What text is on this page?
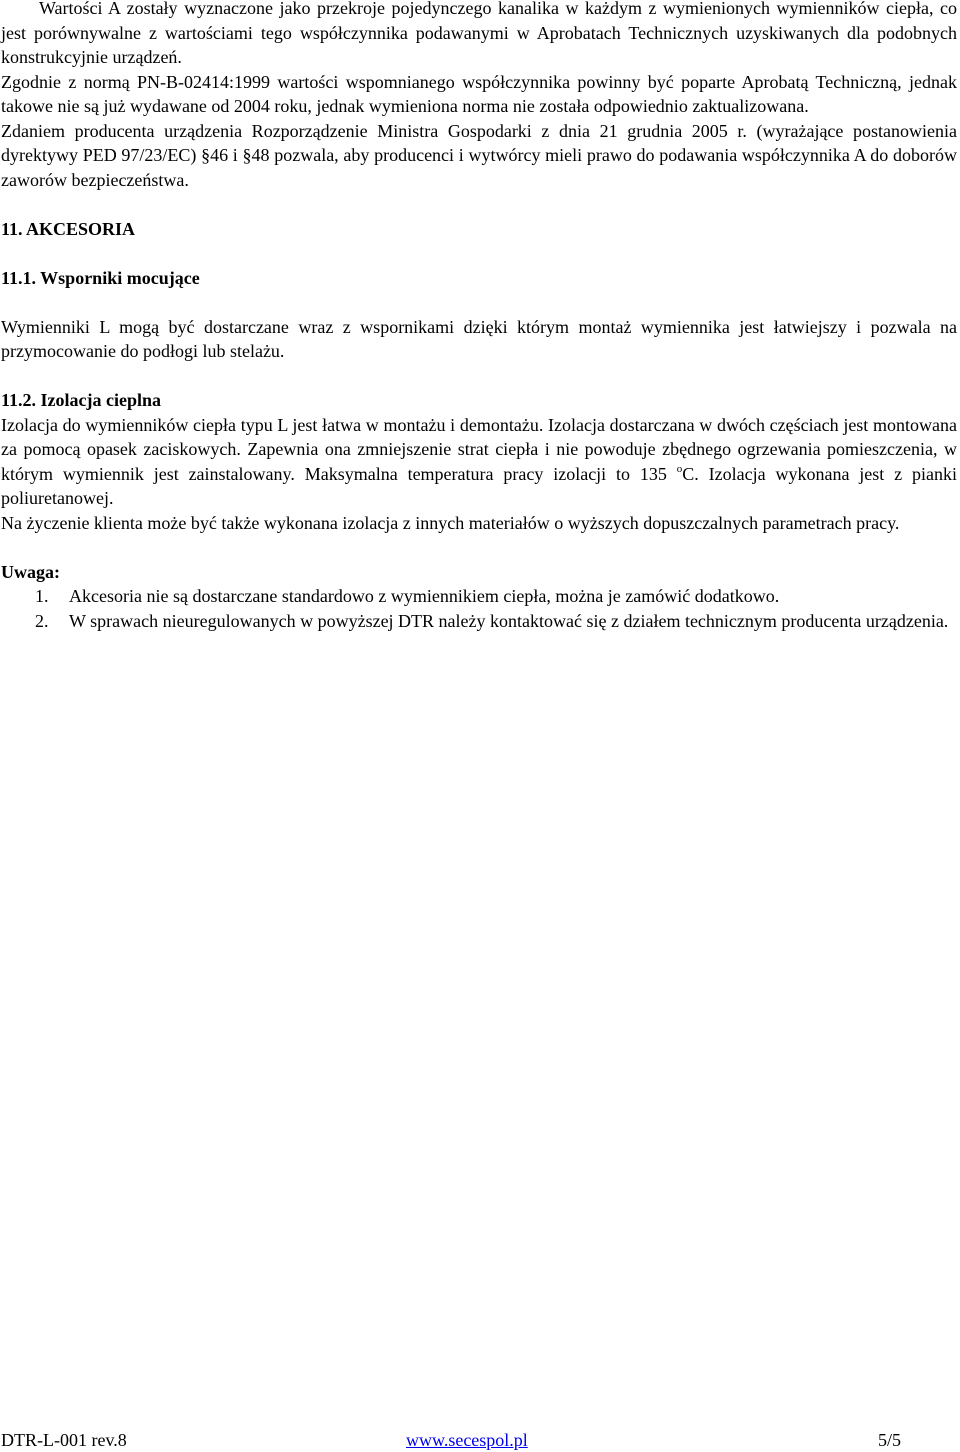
Wartości A zostały wyznaczone jako przekroje pojedynczego kanalika w każdym z wymienionych wymienników ciepła, co jest porównywalne z wartościami tego współczynnika podawanymi w Aprobatach Technicznych uzyskiwanych dla podobnych konstrukcyjnie urządzeń.

Zgodnie z normą PN-B-02414:1999 wartości wspomnianego współczynnika powinny być poparte Aprobatą Techniczną, jednak takowe nie są już wydawane od 2004 roku, jednak wymieniona norma nie została odpowiednio zaktualizowana.

Zdaniem producenta urządzenia Rozporządzenie Ministra Gospodarki z dnia 21 grudnia 2005 r. (wyrażające postanowienia dyrektywy PED 97/23/EC) §46 i §48 pozwala, aby producenci i wytwórcy mieli prawo do podawania współczynnika A do doborów zaworów bezpieczeństwa.

11. AKCESORIA

11.1. Wsporniki mocujące

Wymienniki L mogą być dostarczane wraz z wspornikami dzięki którym montaż wymiennika jest łatwiejszy i pozwala na przymocowanie do podłogi lub stelażu.

11.2. Izolacja cieplna

Izolacja do wymienników ciepła typu L jest łatwa w montażu i demontażu. Izolacja dostarczana w dwóch częściach jest montowana za pomocą opasek zaciskowych. Zapewnia ona zmniejszenie strat ciepła i nie powoduje zbędnego ogrzewania pomieszczenia, w którym wymiennik jest zainstalowany. Maksymalna temperatura pracy izolacji to 135 $^o$C. Izolacja wykonana jest z pianki poliuretanowej.

Na życzenie klienta może być także wykonana izolacja z innych materiałów o wyższych dopuszczalnych parametrach pracy.

Uwaga:

1. Akcesoria nie są dostarczane standardowo z wymiennikiem ciepła, można je zamówić dodatkowo.
2. W sprawach nieuregulowanych w powyższej DTR należy kontaktować się z działem technicznym producenta urządzenia.
DTR-L-001 rev.8	www.secespol.pl	5/5
